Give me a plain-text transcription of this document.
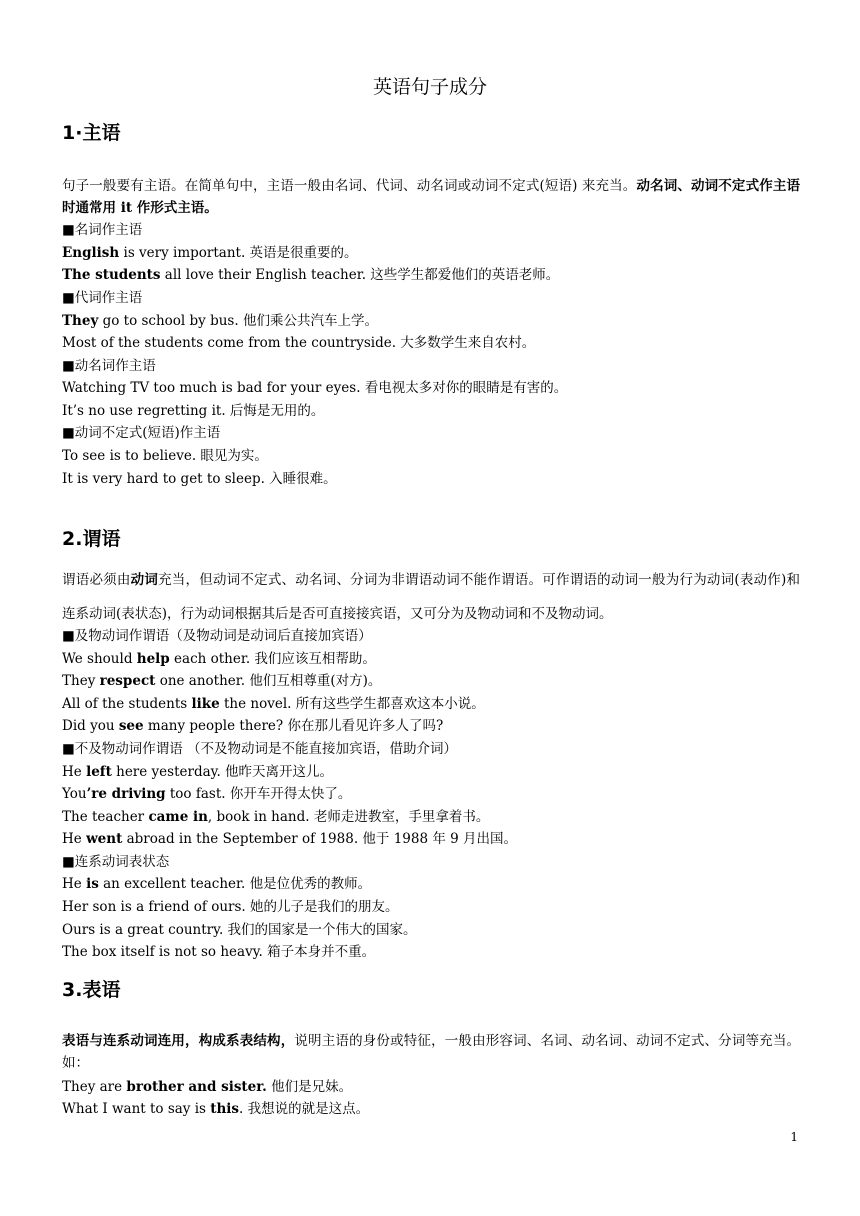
英语句子成分
1·主语
句子一般要有主语。在简单句中，主语一般由名词、代词、动名词或动词不定式(短语) 来充当。动名词、动词不定式作主语时通常用 it 作形式主语。
■名词作主语
English is very important. 英语是很重要的。
The students all love their English teacher. 这些学生都爱他们的英语老师。
■代词作主语
They go to school by bus. 他们乘公共汽车上学。
Most of the students come from the countryside. 大多数学生来自农村。
■动名词作主语
Watching TV too much is bad for your eyes. 看电视太多对你的眼睛是有害的。
It’s no use regretting it. 后悔是无用的。
■动词不定式(短语)作主语
To see is to believe. 眼见为实。
It is very hard to get to sleep. 入睡很难。
2.谓语
谓语必须由动词充当，但动词不定式、动名词、分词为非谓语动词不能作谓语。可作谓语的动词一般为行为动词(表动作)和连系动词(表状态)，行为动词根据其后是否可直接接宾语，又可分为及物动词和不及物动词。
■及物动词作谓语（及物动词是动词后直接加宾语）
We should help each other. 我们应该互相帮助。
They respect one another. 他们互相尊重(对方)。
All of the students like the novel. 所有这些学生都喜欢这本小说。
Did you see many people there? 你在那儿看见许多人了吗?
■不及物动词作谓语 （不及物动词是不能直接加宾语，借助介词）
He left here yesterday. 他昨天离开这儿。
You’re driving too fast. 你开车开得太快了。
The teacher came in, book in hand. 老师走进教室，手里拿着书。
He went abroad in the September of 1988. 他于 1988 年 9 月出国。
■连系动词表状态
He is an excellent teacher. 他是位优秀的教师。
Her son is a friend of ours. 她的儿子是我们的朋友。
Ours is a great country. 我们的国家是一个伟大的国家。
The box itself is not so heavy. 箱子本身并不重。
3.表语
表语与连系动词连用，构成系表结构，说明主语的身份或特征，一般由形容词、名词、动名词、动词不定式、分词等充当。如：
They are brother and sister. 他们是兄妹。
What I want to say is this. 我想说的就是这点。
1
